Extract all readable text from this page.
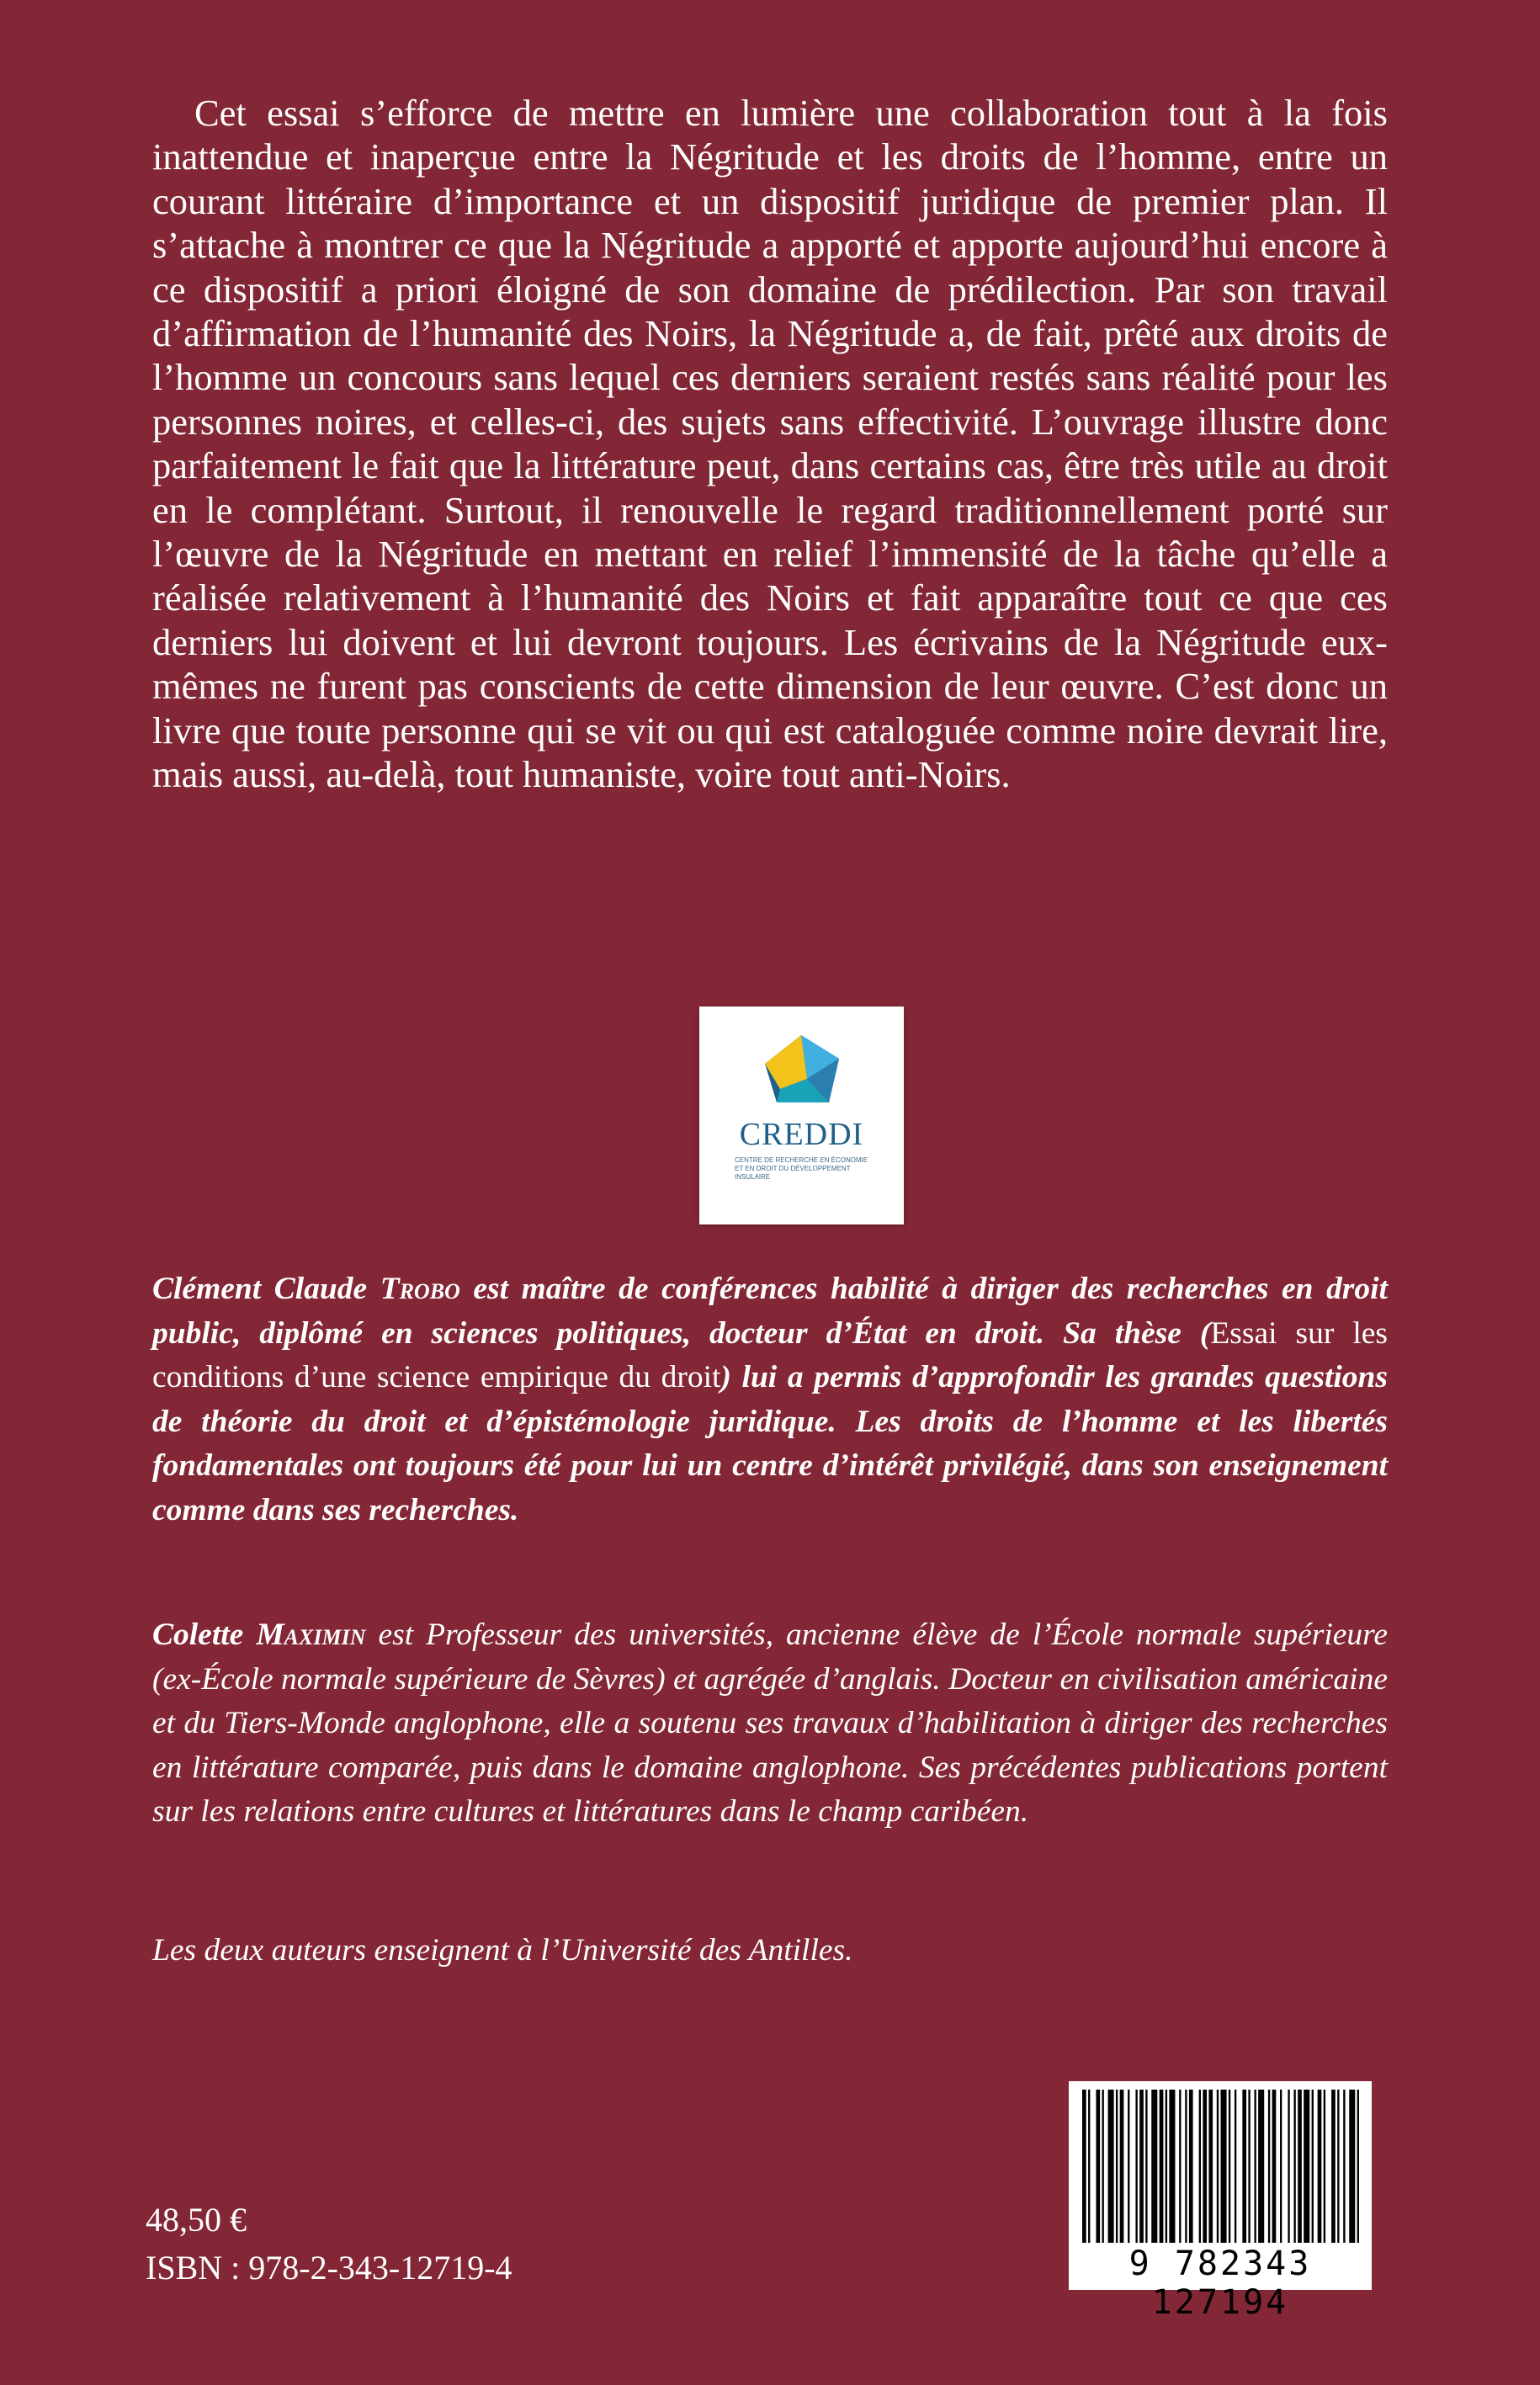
Cet essai s’efforce de mettre en lumière une collaboration tout à la fois inattendue et inaperçue entre la Négritude et les droits de l’homme, entre un courant littéraire d’importance et un dispositif juridique de premier plan. Il s’attache à montrer ce que la Négritude a apporté et apporte aujourd’hui encore à ce dispositif a priori éloigné de son domaine de prédilection. Par son travail d’affirmation de l’humanité des Noirs, la Négritude a, de fait, prêté aux droits de l’homme un concours sans lequel ces derniers seraient restés sans réalité pour les personnes noires, et celles-ci, des sujets sans effectivité. L’ouvrage illustre donc parfaitement le fait que la littérature peut, dans certains cas, être très utile au droit en le complétant. Surtout, il renouvelle le regard traditionnellement porté sur l’œuvre de la Négritude en mettant en relief l’immensité de la tâche qu’elle a réalisée relativement à l’humanité des Noirs et fait apparaître tout ce que ces derniers lui doivent et lui devront toujours. Les écrivains de la Négritude eux-mêmes ne furent pas conscients de cette dimension de leur œuvre. C’est donc un livre que toute personne qui se vit ou qui est cataloguée comme noire devrait lire, mais aussi, au-delà, tout humaniste, voire tout anti-Noirs.

CREDDI
CENTRE DE RECHERCHE EN ÉCONOMIE ET EN DROIT DU DÉVELOPPEMENT INSULAIRE

Clément Claude Trobo est maître de conférences habilité à diriger des recherches en droit public, diplômé en sciences politiques, docteur d’État en droit. Sa thèse (Essai sur les conditions d’une science empirique du droit) lui a permis d’approfondir les grandes questions de théorie du droit et d’épistémologie juridique. Les droits de l’homme et les libertés fondamentales ont toujours été pour lui un centre d’intérêt privilégié, dans son enseignement comme dans ses recherches.

Colette Maximin est Professeur des universités, ancienne élève de l’École normale supérieure (ex-École normale supérieure de Sèvres) et agrégée d’anglais. Docteur en civilisation américaine et du Tiers-Monde anglophone, elle a soutenu ses travaux d’habilitation à diriger des recherches en littérature comparée, puis dans le domaine anglophone. Ses précédentes publications portent sur les relations entre cultures et littératures dans le champ caribéen.

Les deux auteurs enseignent à l’Université des Antilles.

48,50 €

ISBN : 978-2-343-12719-4	9 782343 127194
